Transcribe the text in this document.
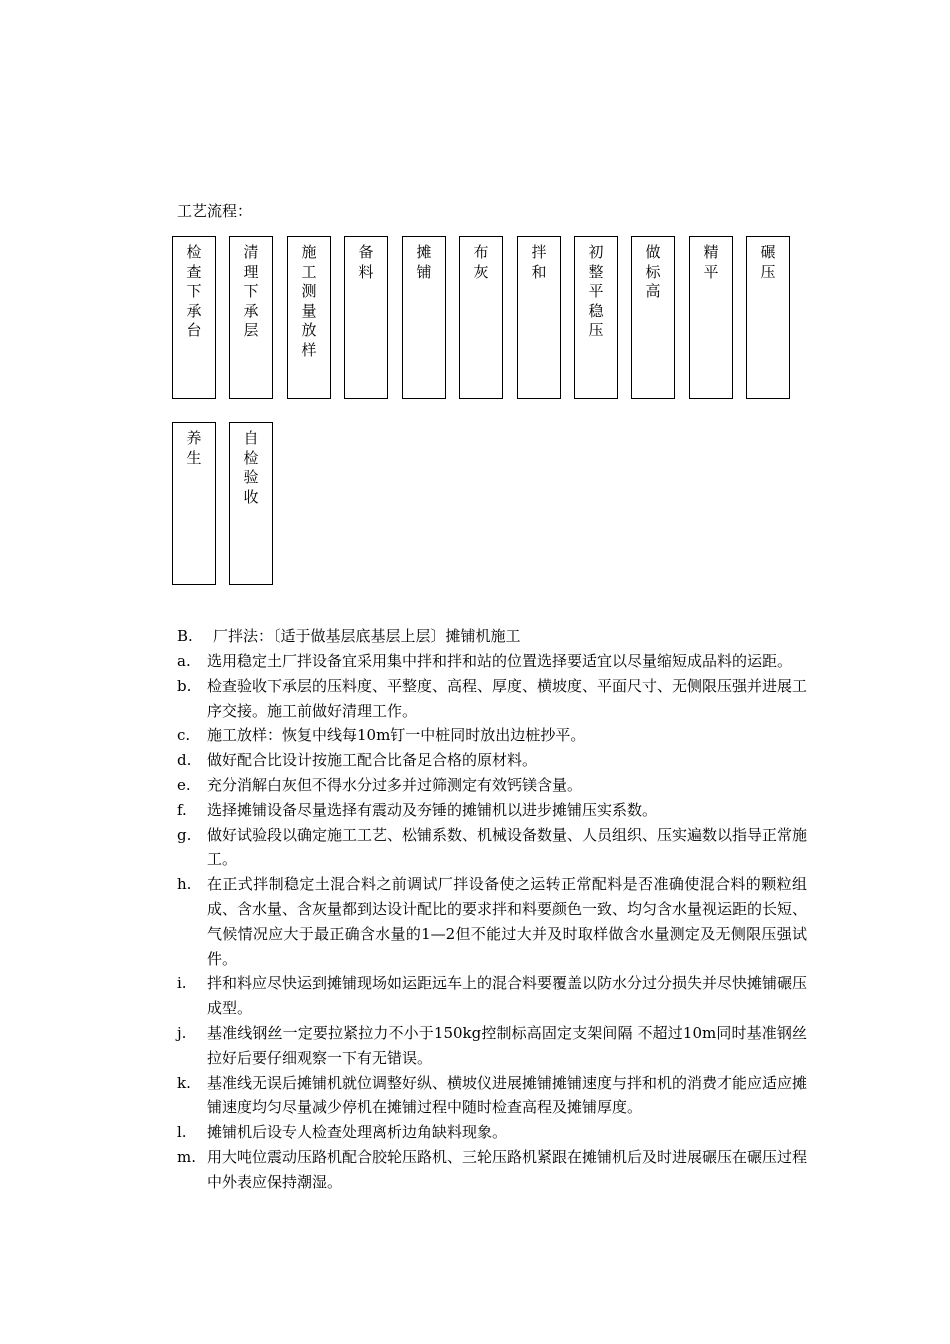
工艺流程：
检查下承台
清理下承层
施工测量放样
备料
摊铺
布灰
拌和
初整平稳压
做标高
精平
碾压
养生
自检验收
B. 厂拌法：〔适于做基层底基层上层〕摊铺机施工
a.	选用稳定土厂拌设备宜采用集中拌和拌和站的位置选择要适宜以尽量缩短成品料的运距。
b.	检查验收下承层的压料度、平整度、高程、厚度、横坡度、平面尺寸、无侧限压强并进展工序交接。施工前做好清理工作。
c.	施工放样：恢复中线每10m钉一中桩同时放出边桩抄平。
d.	做好配合比设计按施工配合比备足合格的原材料。
e.	充分消解白灰但不得水分过多并过筛测定有效钙镁含量。
f.	选择摊铺设备尽量选择有震动及夯锤的摊铺机以进步摊铺压实系数。
g.	做好试验段以确定施工工艺、松铺系数、机械设备数量、人员组织、压实遍数以指导正常施工。
h.	在正式拌制稳定土混合料之前调试厂拌设备使之运转正常配料是否准确使混合料的颗粒组成、含水量、含灰量都到达设计配比的要求拌和料要颜色一致、均匀含水量视运距的长短、气候情况应大于最正确含水量的1—2但不能过大并及时取样做含水量测定及无侧限压强试件。
i.	拌和料应尽快运到摊铺现场如运距远车上的混合料要覆盖以防水分过分损失并尽快摊铺碾压成型。
j.	基准线钢丝一定要拉紧拉力不小于150kg控制标高固定支架间隔 不超过10m同时基准钢丝拉好后要仔细观察一下有无错误。
k.	基准线无误后摊铺机就位调整好纵、横坡仪进展摊铺摊铺速度与拌和机的消费才能应适应摊铺速度均匀尽量减少停机在摊铺过程中随时检查高程及摊铺厚度。
l.	摊铺机后设专人检查处理离析边角缺料现象。
m. 用大吨位震动压路机配合胶轮压路机、三轮压路机紧跟在摊铺机后及时进展碾压在碾压过程中外表应保持潮湿。
